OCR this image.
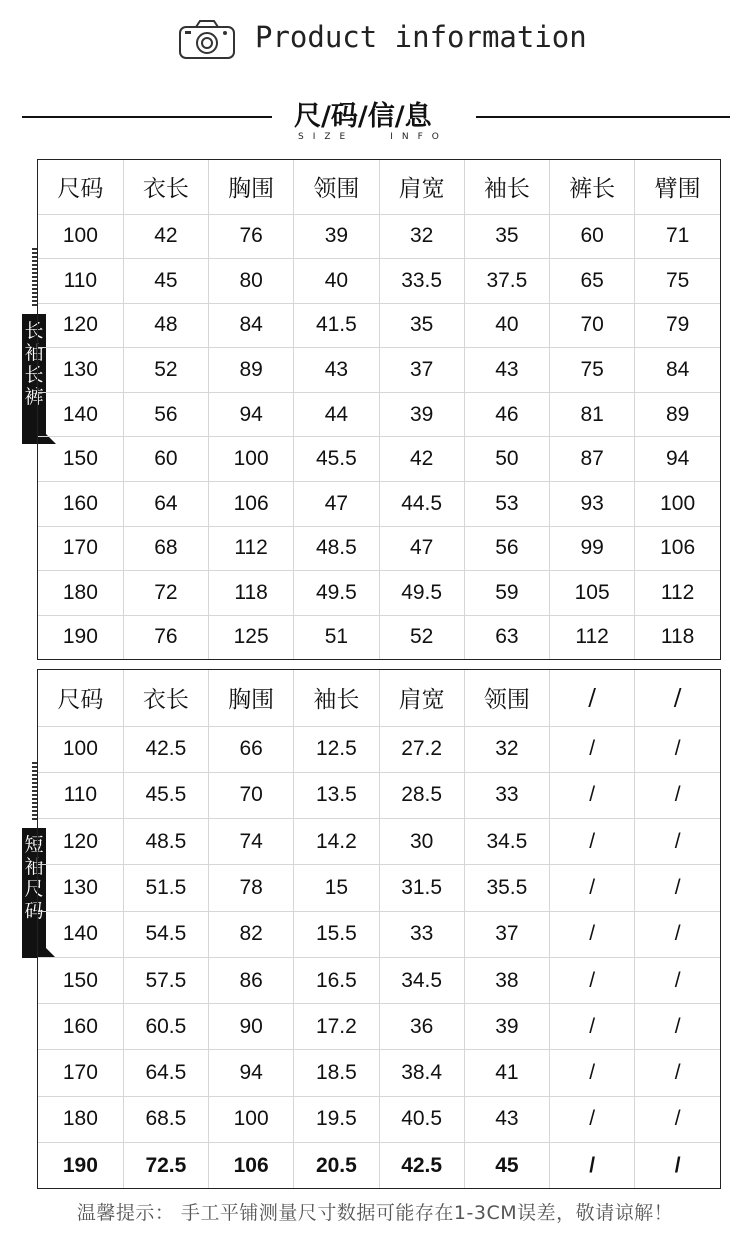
Product information
尺/码/信/息
SIZE	INFO
长袖长裤
尺码	衣长	胸围	领围	肩宽	袖长	裤长	臂围
100	42	76	39	32	35	60	71
110	45	80	40	33.5	37.5	65	75
120	48	84	41.5	35	40	70	79
130	52	89	43	37	43	75	84
140	56	94	44	39	46	81	89
150	60	100	45.5	42	50	87	94
160	64	106	47	44.5	53	93	100
170	68	112	48.5	47	56	99	106
180	72	118	49.5	49.5	59	105	112
190	76	125	51	52	63	112	118
短袖尺码
尺码	衣长	胸围	袖长	肩宽	领围	/	/
100	42.5	66	12.5	27.2	32	/	/
110	45.5	70	13.5	28.5	33	/	/
120	48.5	74	14.2	30	34.5	/	/
130	51.5	78	15	31.5	35.5	/	/
140	54.5	82	15.5	33	37	/	/
150	57.5	86	16.5	34.5	38	/	/
160	60.5	90	17.2	36	39	/	/
170	64.5	94	18.5	38.4	41	/	/
180	68.5	100	19.5	40.5	43	/	/
190	72.5	106	20.5	42.5	45	/	/
温馨提示： 手工平铺测量尺寸数据可能存在1-3CM误差，敬请谅解！
